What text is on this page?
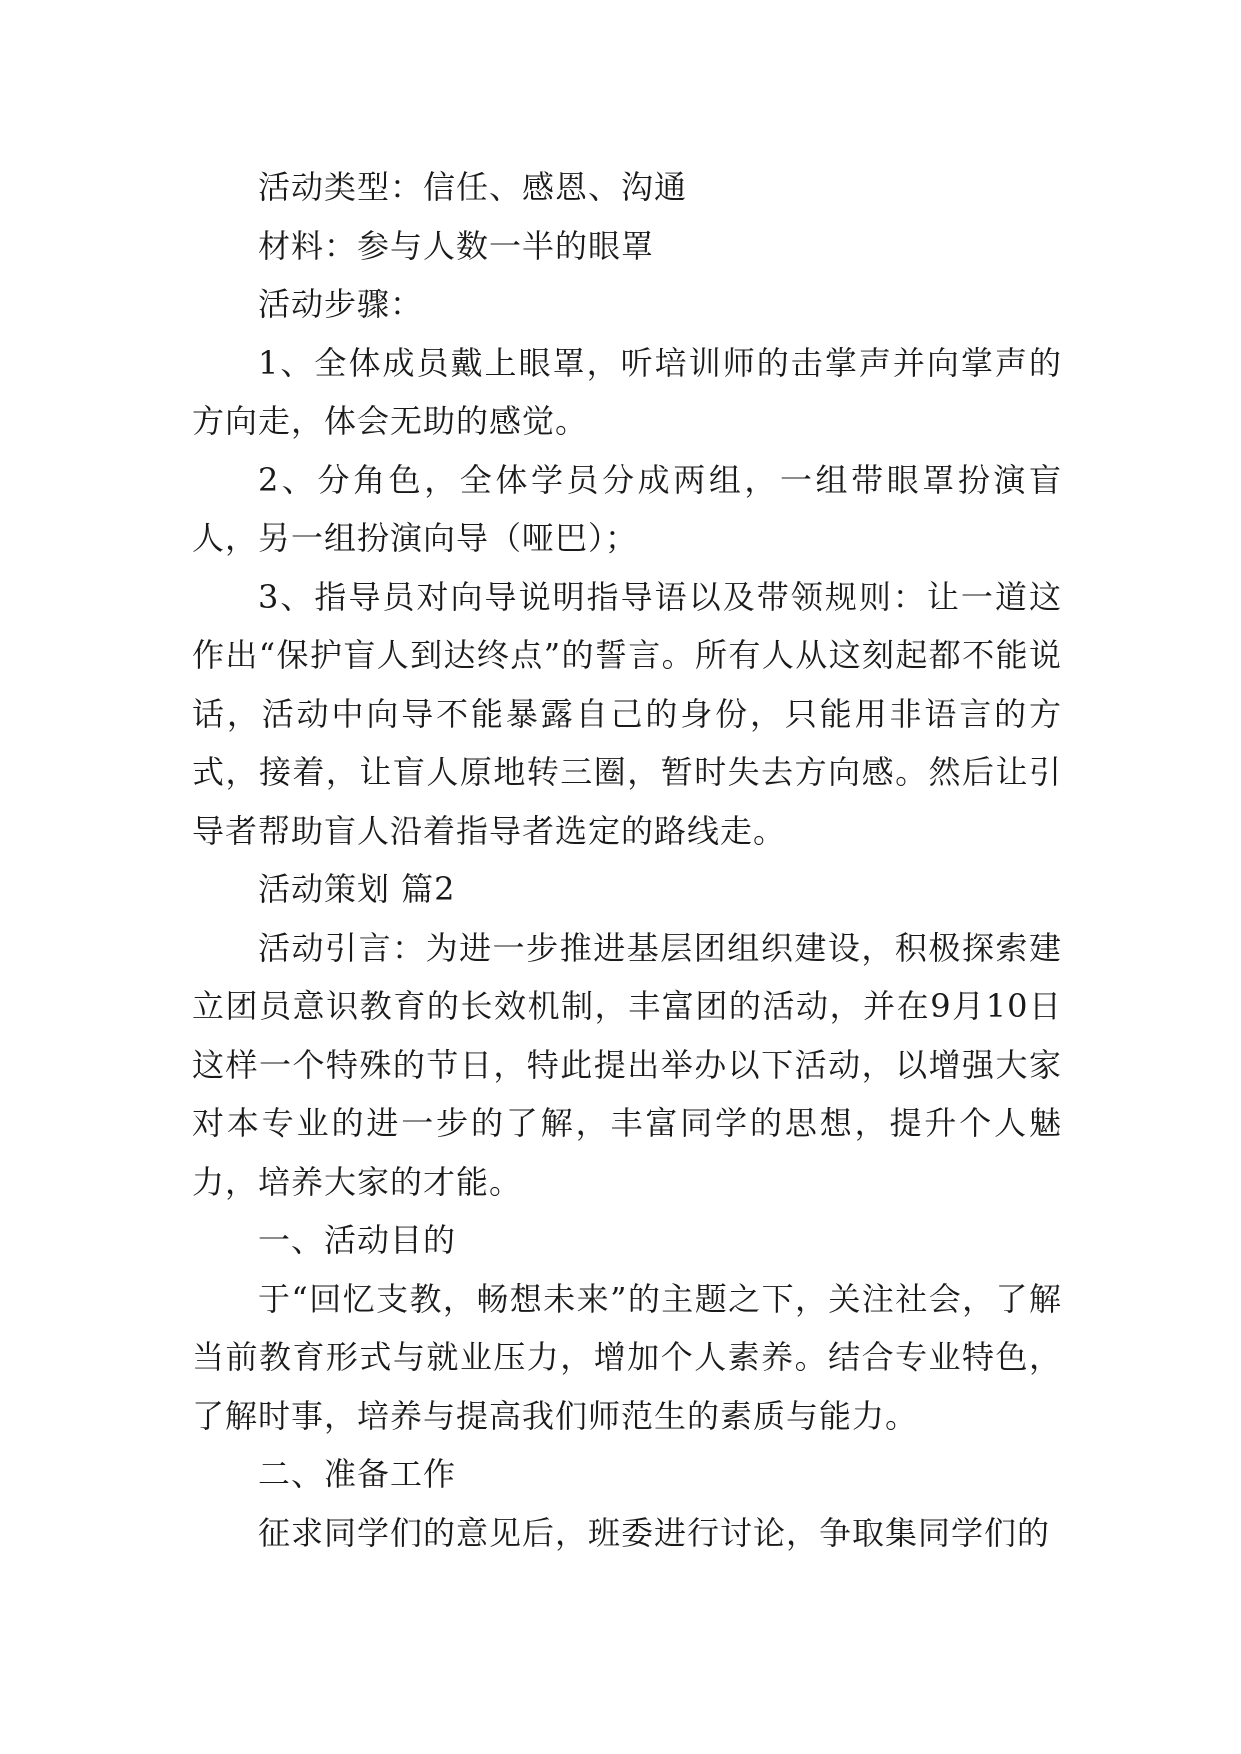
活动类型：信任、感恩、沟通

材料：参与人数一半的眼罩

活动步骤：

1、全体成员戴上眼罩，听培训师的击掌声并向掌声的方向走，体会无助的感觉。

2、分角色，全体学员分成两组，一组带眼罩扮演盲人，另一组扮演向导（哑巴）；

3、指导员对向导说明指导语以及带领规则：让一道这作出“保护盲人到达终点”的誓言。所有人从这刻起都不能说话，活动中向导不能暴露自己的身份，只能用非语言的方式，接着，让盲人原地转三圈，暂时失去方向感。然后让引导者帮助盲人沿着指导者选定的路线走。

活动策划 篇2

活动引言：为进一步推进基层团组织建设，积极探索建立团员意识教育的长效机制，丰富团的活动，并在9月10日这样一个特殊的节日，特此提出举办以下活动，以增强大家对本专业的进一步的了解，丰富同学的思想，提升个人魅力，培养大家的才能。

一、活动目的

于“回忆支教，畅想未来”的主题之下，关注社会，了解当前教育形式与就业压力，增加个人素养。结合专业特色，了解时事，培养与提高我们师范生的素质与能力。

二、准备工作

征求同学们的意见后，班委进行讨论，争取集同学们的
